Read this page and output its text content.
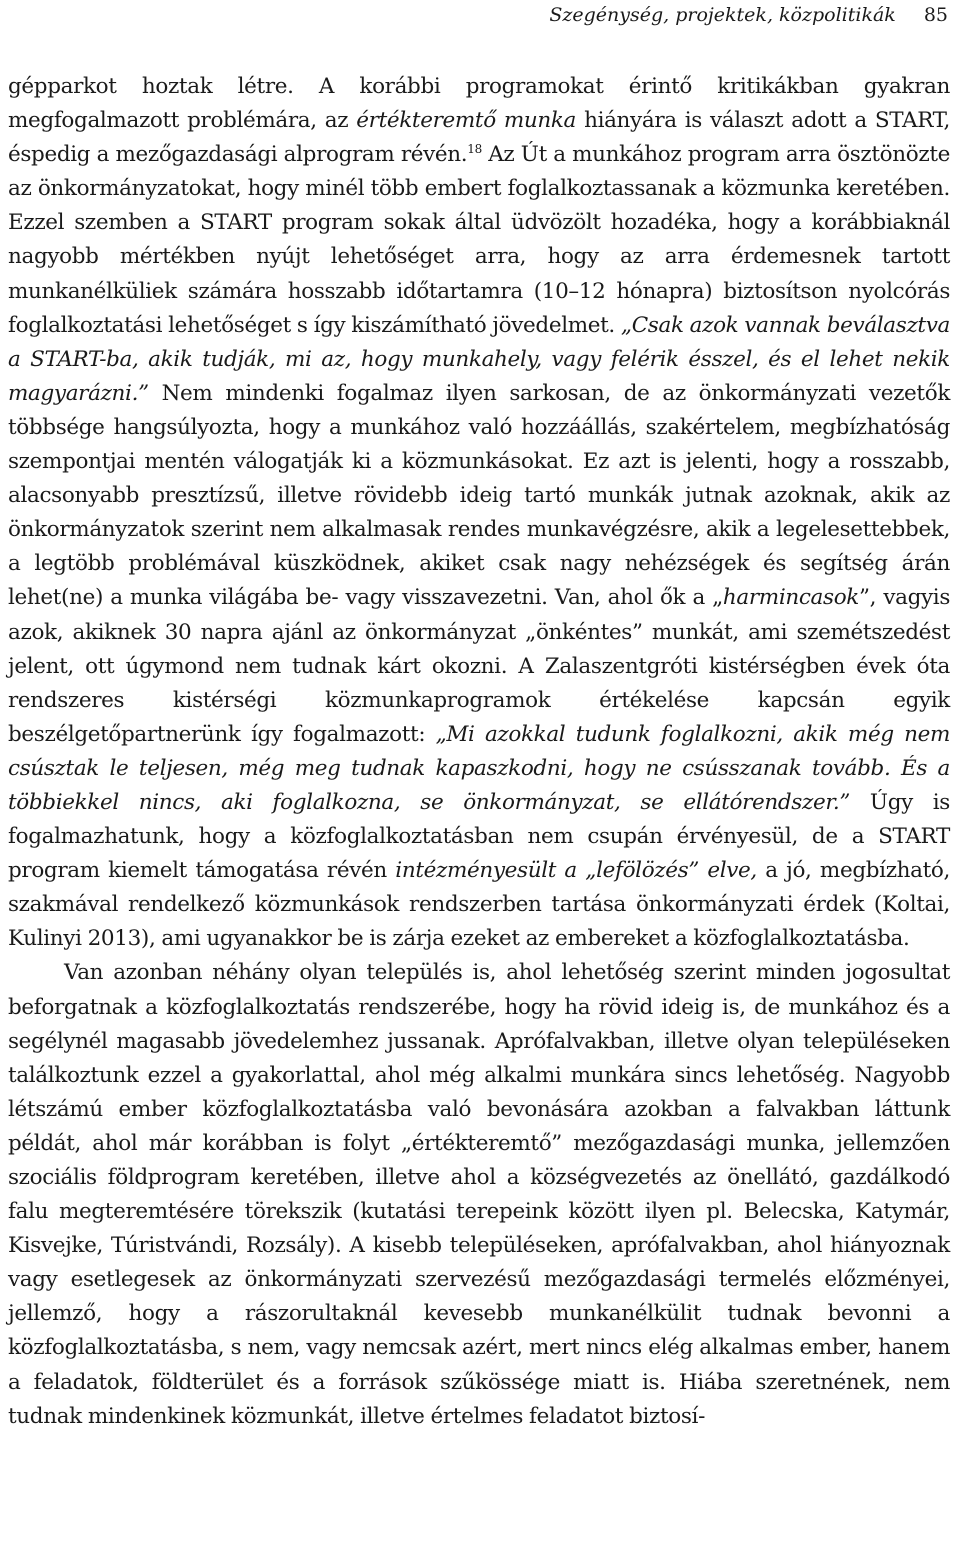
Szegénység, projektek, közpolitikák 85

gépparkot hoztak létre. A korábbi programokat érintő kritikákban gyakran megfogalmazott problémára, az értékteremtő munka hiányára is választ adott a START, éspedig a mezőgazdasági alprogram révén.$^{18}$ Az Út a munkához program arra ösztönözte az önkormányzatokat, hogy minél több embert foglalkoztassanak a közmunka keretében. Ezzel szemben a START program sokak által üdvözölt hozadéka, hogy a korábbiaknál nagyobb mértékben nyújt lehetőséget arra, hogy az arra érdemesnek tartott munkanélküliek számára hosszabb időtartamra (10–12 hónapra) biztosítson nyolcórás foglalkoztatási lehetőséget s így kiszámítható jövedelmet. „Csak azok vannak beválasztva a START-ba, akik tudják, mi az, hogy munkahely, vagy felérik ésszel, és el lehet nekik magyarázni.” Nem mindenki fogalmaz ilyen sarkosan, de az önkormányzati vezetők többsége hangsúlyozta, hogy a munkához való hozzáállás, szakértelem, megbízhatóság szempontjai mentén válogatják ki a közmunkásokat. Ez azt is jelenti, hogy a rosszabb, alacsonyabb presztízsű, illetve rövidebb ideig tartó munkák jutnak azoknak, akik az önkormányzatok szerint nem alkalmasak rendes munkavégzésre, akik a legelesettebbek, a legtöbb problémával küszködnek, akiket csak nagy nehézségek és segítség árán lehet(ne) a munka világába be- vagy visszavezetni. Van, ahol ők a „harmincasok”, vagyis azok, akiknek 30 napra ajánl az önkormányzat „önkéntes” munkát, ami szemétszedést jelent, ott úgymond nem tudnak kárt okozni. A Zalaszentgróti kistérségben évek óta rendszeres kistérségi közmunkaprogramok értékelése kapcsán egyik beszélgetőpartnerünk így fogalmazott: „Mi azokkal tudunk foglalkozni, akik még nem csúsztak le teljesen, még meg tudnak kapaszkodni, hogy ne csússzanak tovább. És a többiekkel nincs, aki foglalkozna, se önkormányzat, se ellátórendszer.” Úgy is fogalmazhatunk, hogy a közfoglalkoztatásban nem csupán érvényesül, de a START program kiemelt támogatása révén intézményesült a „lefölözés” elve, a jó, megbízható, szakmával rendelkező közmunkások rendszerben tartása önkormányzati érdek (Koltai, Kulinyi 2013), ami ugyanakkor be is zárja ezeket az embereket a közfoglalkoztatásba.

Van azonban néhány olyan település is, ahol lehetőség szerint minden jogosultat beforgatnak a közfoglalkoztatás rendszerébe, hogy ha rövid ideig is, de munkához és a segélynél magasabb jövedelemhez jussanak. Aprófalvakban, illetve olyan településeken találkoztunk ezzel a gyakorlattal, ahol még alkalmi munkára sincs lehetőség. Nagyobb létszámú ember közfoglalkoztatásba való bevonására azokban a falvakban láttunk példát, ahol már korábban is folyt „értékteremtő” mezőgazdasági munka, jellemzően szociális földprogram keretében, illetve ahol a községvezetés az önellátó, gazdálkodó falu megteremtésére törekszik (kutatási terepeink között ilyen pl. Belecska, Katymár, Kisvejke, Túristvándi, Rozsály). A kisebb településeken, aprófalvakban, ahol hiányoznak vagy esetlegesek az önkormányzati szervezésű mezőgazdasági termelés előzményei, jellemző, hogy a rászorultaknál kevesebb munkanélkülit tudnak bevonni a közfoglalkoztatásba, s nem, vagy nemcsak azért, mert nincs elég alkalmas ember, hanem a feladatok, földterület és a források szűkössége miatt is. Hiába szeretnének, nem tudnak mindenkinek közmunkát, illetve értelmes feladatot biztosí-
